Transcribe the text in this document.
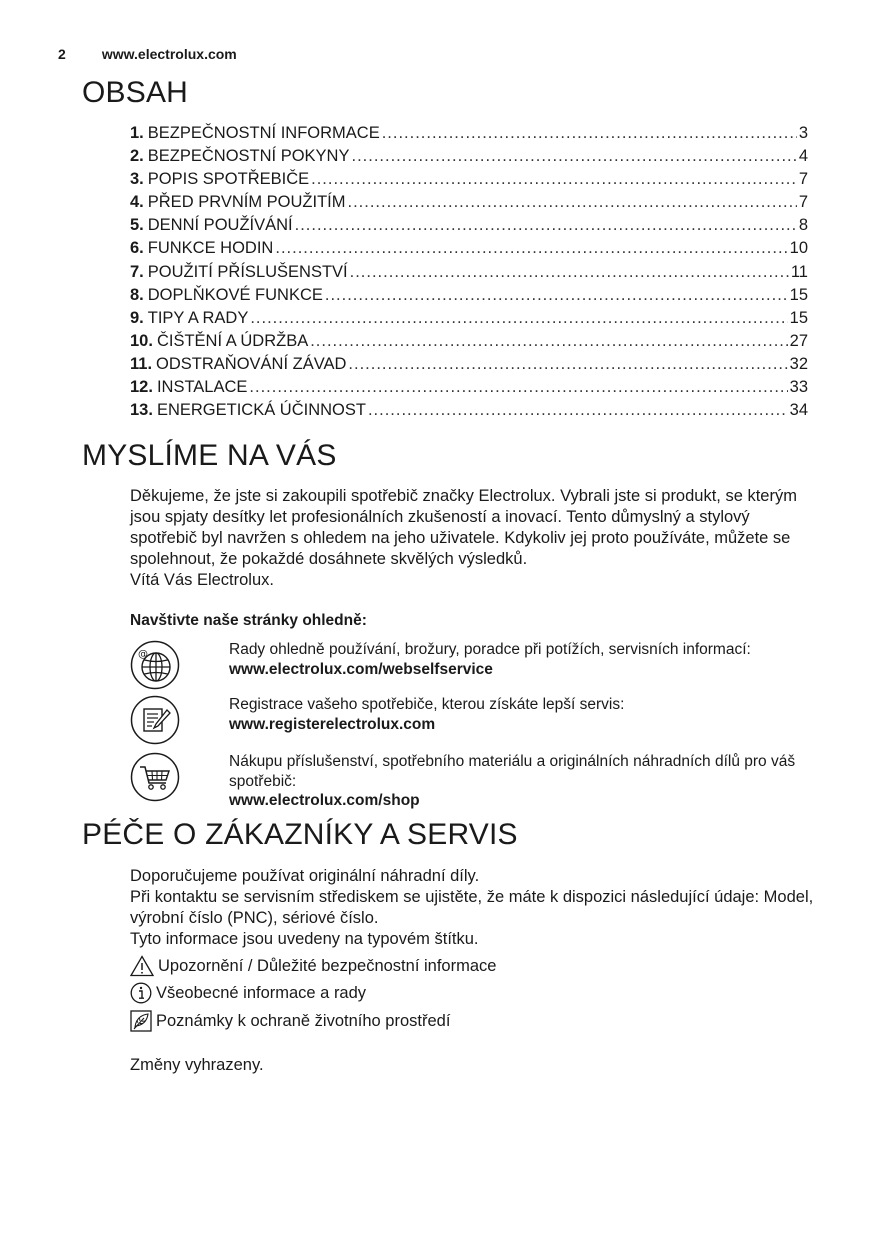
2	www.electrolux.com
OBSAH
1. BEZPEČNOSTNÍ INFORMACE .....	3
2. BEZPEČNOSTNÍ POKYNY .....	4
3. POPIS SPOTŘEBIČE .....	7
4. PŘED PRVNÍM POUŽITÍM .....	7
5. DENNÍ POUŽÍVÁNÍ .....	8
6. FUNKCE HODIN .....	10
7. POUŽITÍ PŘÍSLUŠENSTVÍ .....	11
8. DOPLŇKOVÉ FUNKCE .....	15
9. TIPY A RADY .....	15
10. ČIŠTĚNÍ A ÚDRŽBA .....	27
11. ODSTRAŇOVÁNÍ ZÁVAD .....	32
12. INSTALACE .....	33
13. ENERGETICKÁ ÚČINNOST .....	34
MYSLÍME NA VÁS
Děkujeme, že jste si zakoupili spotřebič značky Electrolux. Vybrali jste si produkt, se kterým jsou spjaty desítky let profesionálních zkušeností a inovací. Tento důmyslný a stylový spotřebič byl navržen s ohledem na jeho uživatele. Kdykoliv jej proto používáte, můžete se spolehnout, že pokaždé dosáhnete skvělých výsledků.
Vítá Vás Electrolux.
Navštivte naše stránky ohledně:
@	Rady ohledně používání, brožury, poradce při potížích, servisních informací:
www.electrolux.com/webselfservice
Registrace vašeho spotřebiče, kterou získáte lepší servis:
www.registerelectrolux.com
Nákupu příslušenství, spotřebního materiálu a originálních náhradních dílů pro váš spotřebič:
www.electrolux.com/shop
PÉČE O ZÁKAZNÍKY A SERVIS
Doporučujeme používat originální náhradní díly.
Při kontaktu se servisním střediskem se ujistěte, že máte k dispozici následující údaje: Model, výrobní číslo (PNC), sériové číslo.
Tyto informace jsou uvedeny na typovém štítku.
Upozornění / Důležité bezpečnostní informace
Všeobecné informace a rady
Poznámky k ochraně životního prostředí
Změny vyhrazeny.
